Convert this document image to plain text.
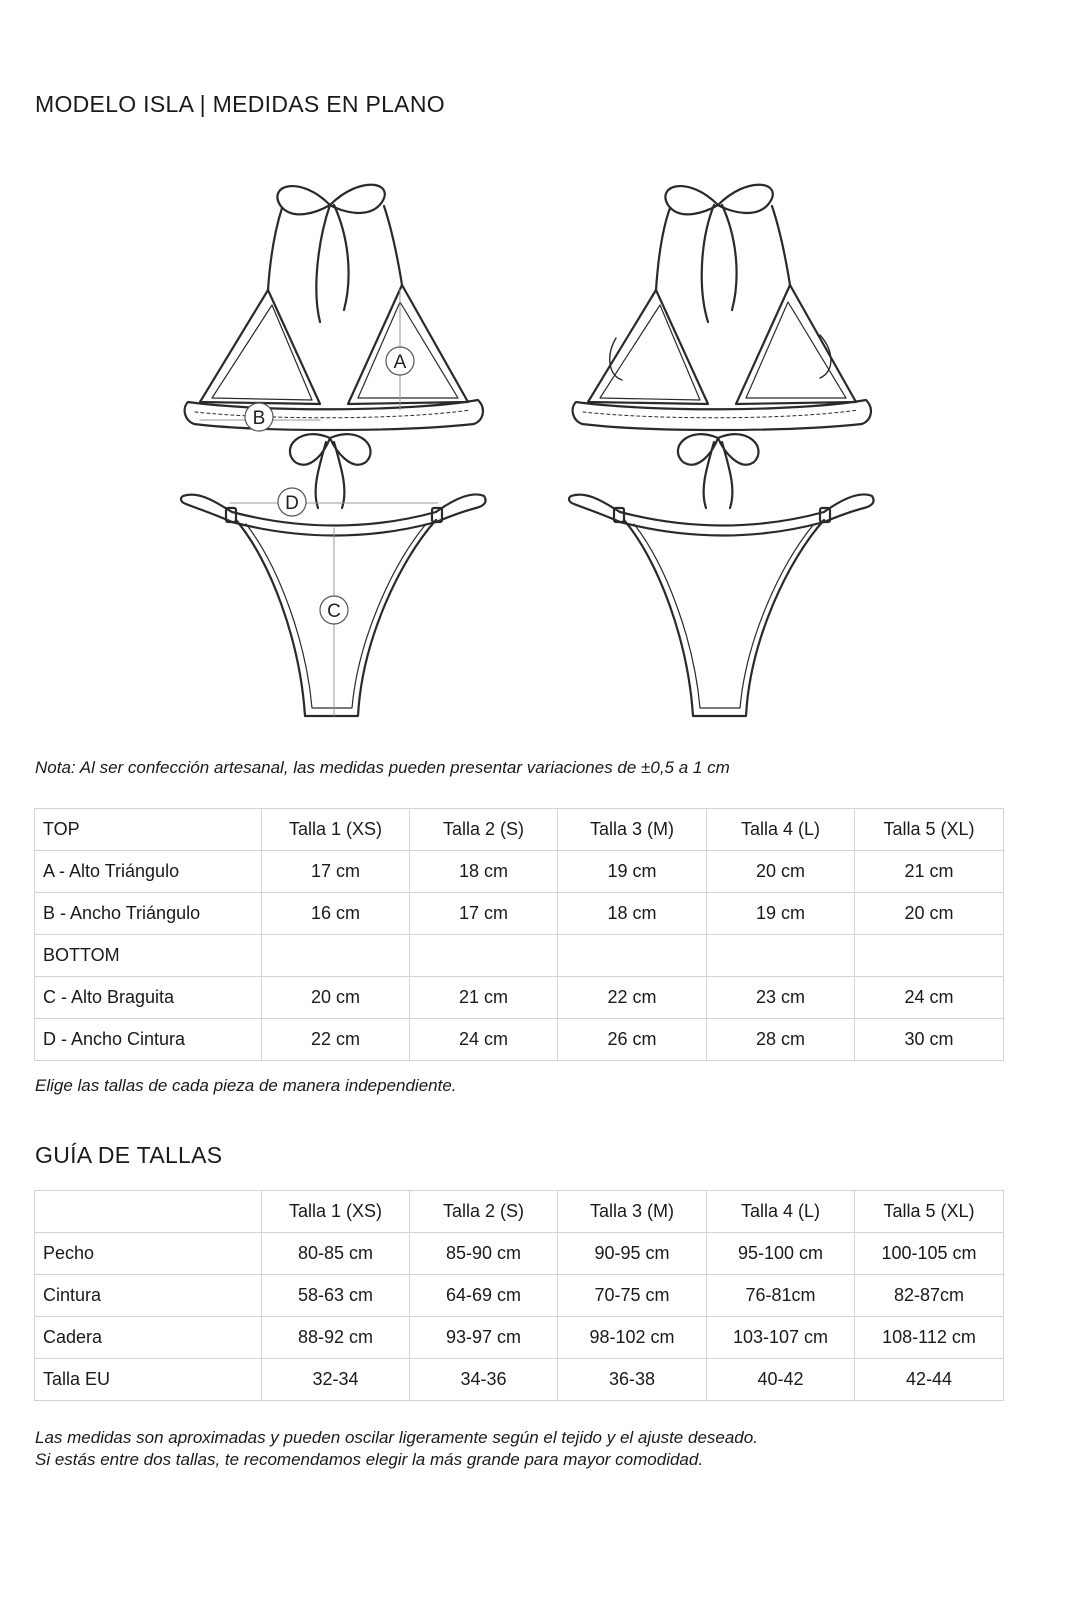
MODELO ISLA | MEDIDAS EN PLANO
A
B
C
D

Nota: Al ser confección artesanal, las medidas pueden presentar variaciones de ±0,5 a 1 cm

TOP	Talla 1 (XS)	Talla 2 (S)	Talla 3 (M)	Talla 4 (L)	Talla 5 (XL)
A - Alto Triángulo	17 cm	18 cm	19 cm	20 cm	21 cm
B - Ancho Triángulo	16 cm	17 cm	18 cm	19 cm	20 cm
BOTTOM					
C - Alto Braguita	20 cm	21 cm	22 cm	23 cm	24 cm
D - Ancho Cintura	22 cm	24 cm	26 cm	28 cm	30 cm

Elige las tallas de cada pieza de manera independiente.

GUÍA DE TALLAS
	Talla 1 (XS)	Talla 2 (S)	Talla 3 (M)	Talla 4 (L)	Talla 5 (XL)
Pecho	80-85 cm	85-90 cm	90-95 cm	95-100 cm	100-105 cm
Cintura	58-63 cm	64-69 cm	70-75 cm	76-81cm	82-87cm
Cadera	88-92 cm	93-97 cm	98-102 cm	103-107 cm	108-112 cm
Talla EU	32-34	34-36	36-38	40-42	42-44

Las medidas son aproximadas y pueden oscilar ligeramente según el tejido y el ajuste deseado.

Si estás entre dos tallas, te recomendamos elegir la más grande para mayor comodidad.
